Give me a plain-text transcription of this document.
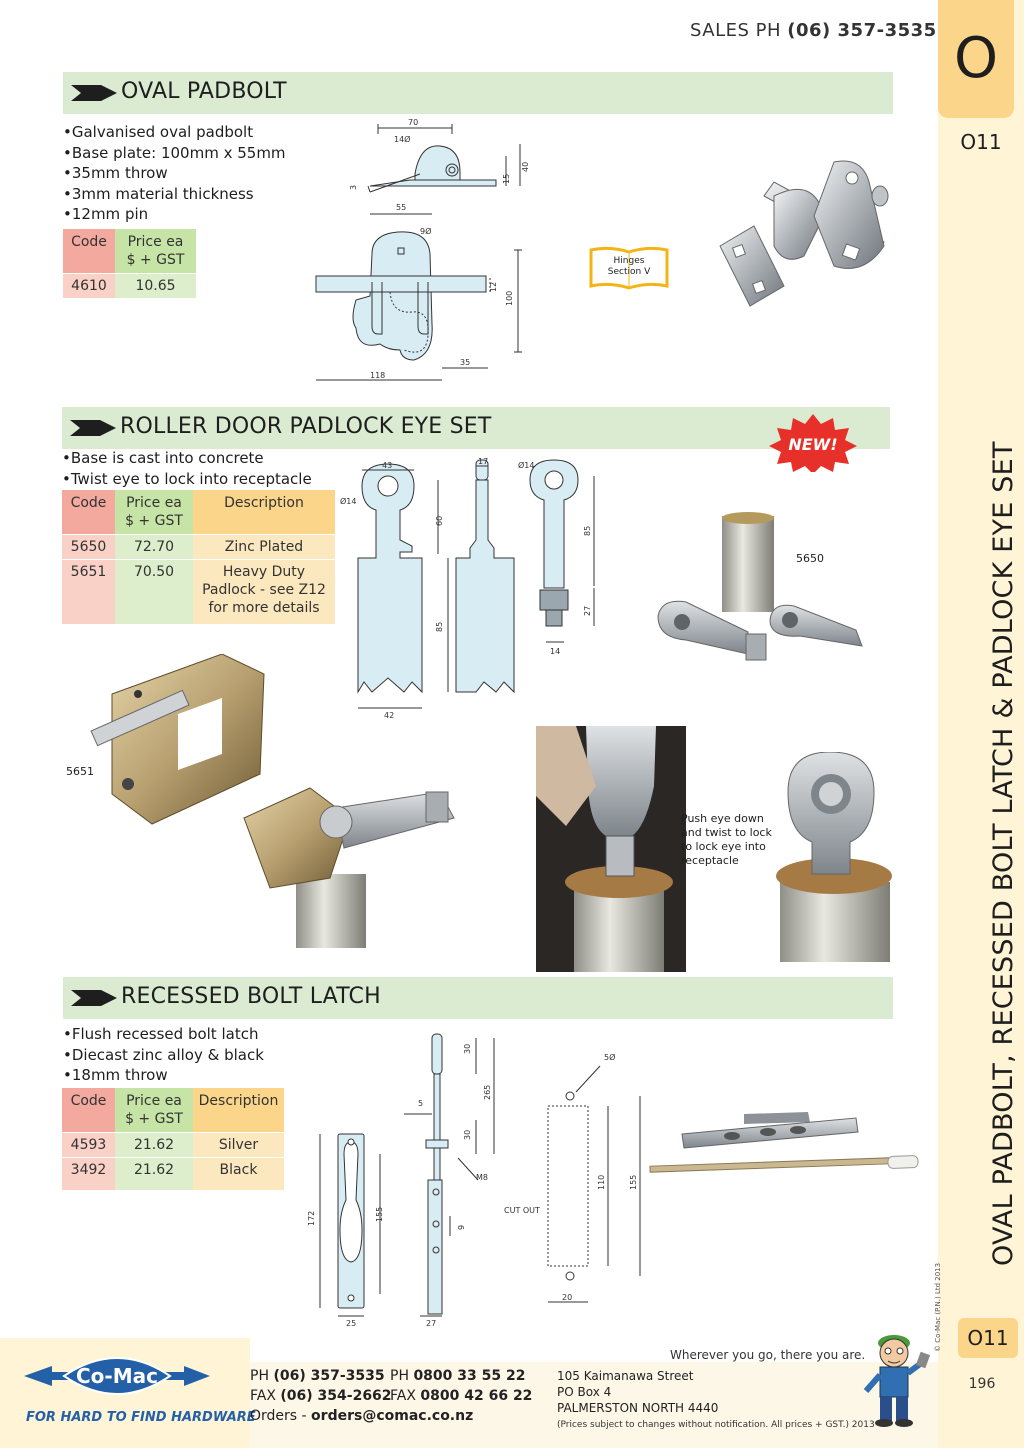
O
O11
OVAL PADBOLT, RECESSED BOLT LATCH & PADLOCK EYE SET
© Co-Mac (P.N.) Ltd 2013	O11
196
SALES PH (06) 357-3535
OVAL PADBOLT
• Galvanised oval padbolt
• Base plate: 100mm x 55mm
• 35mm throw
• 3mm material thickness
• 12mm pin
Code	Price ea
$ + GST
4610	10.65
70
14Ø
15
40
3
55
9Ø
12
100
35
118
Hinges
Section V
ROLLER DOOR PADLOCK EYE SET
NEW!
• Base is cast into concrete
• Twist eye to lock into receptacle
Code	Price ea
$ + GST	Description
5650	72.70	Zinc Plated
5651	70.50	Heavy Duty
Padlock - see Z12
for more details
43
Ø14
60
85
42
17	Ø14
85
27
14
5650
5651
Push eye down
and twist to lock
to lock eye into
receptacle
RECESSED BOLT LATCH
• Flush recessed bolt latch
• Diecast zinc alloy & black
• 18mm throw
Code	Price ea
$ + GST	Description
4593	21.62	Silver
3492	21.62	Black
30
265
5
30
M8
9
172	155
25	27
5Ø
CUT OUT
110	155
20
Co-Mac
FOR HARD TO FIND HARDWARE
Wherever you go, there you are.
PH (06) 357-3535
FAX (06) 354-2662
Orders - orders@comac.co.nz
PH 0800 33 55 22
FAX 0800 42 66 22
105 Kaimanawa Street
PO Box 4
PALMERSTON NORTH 4440
(Prices subject to changes without notification. All prices + GST.) 2013
